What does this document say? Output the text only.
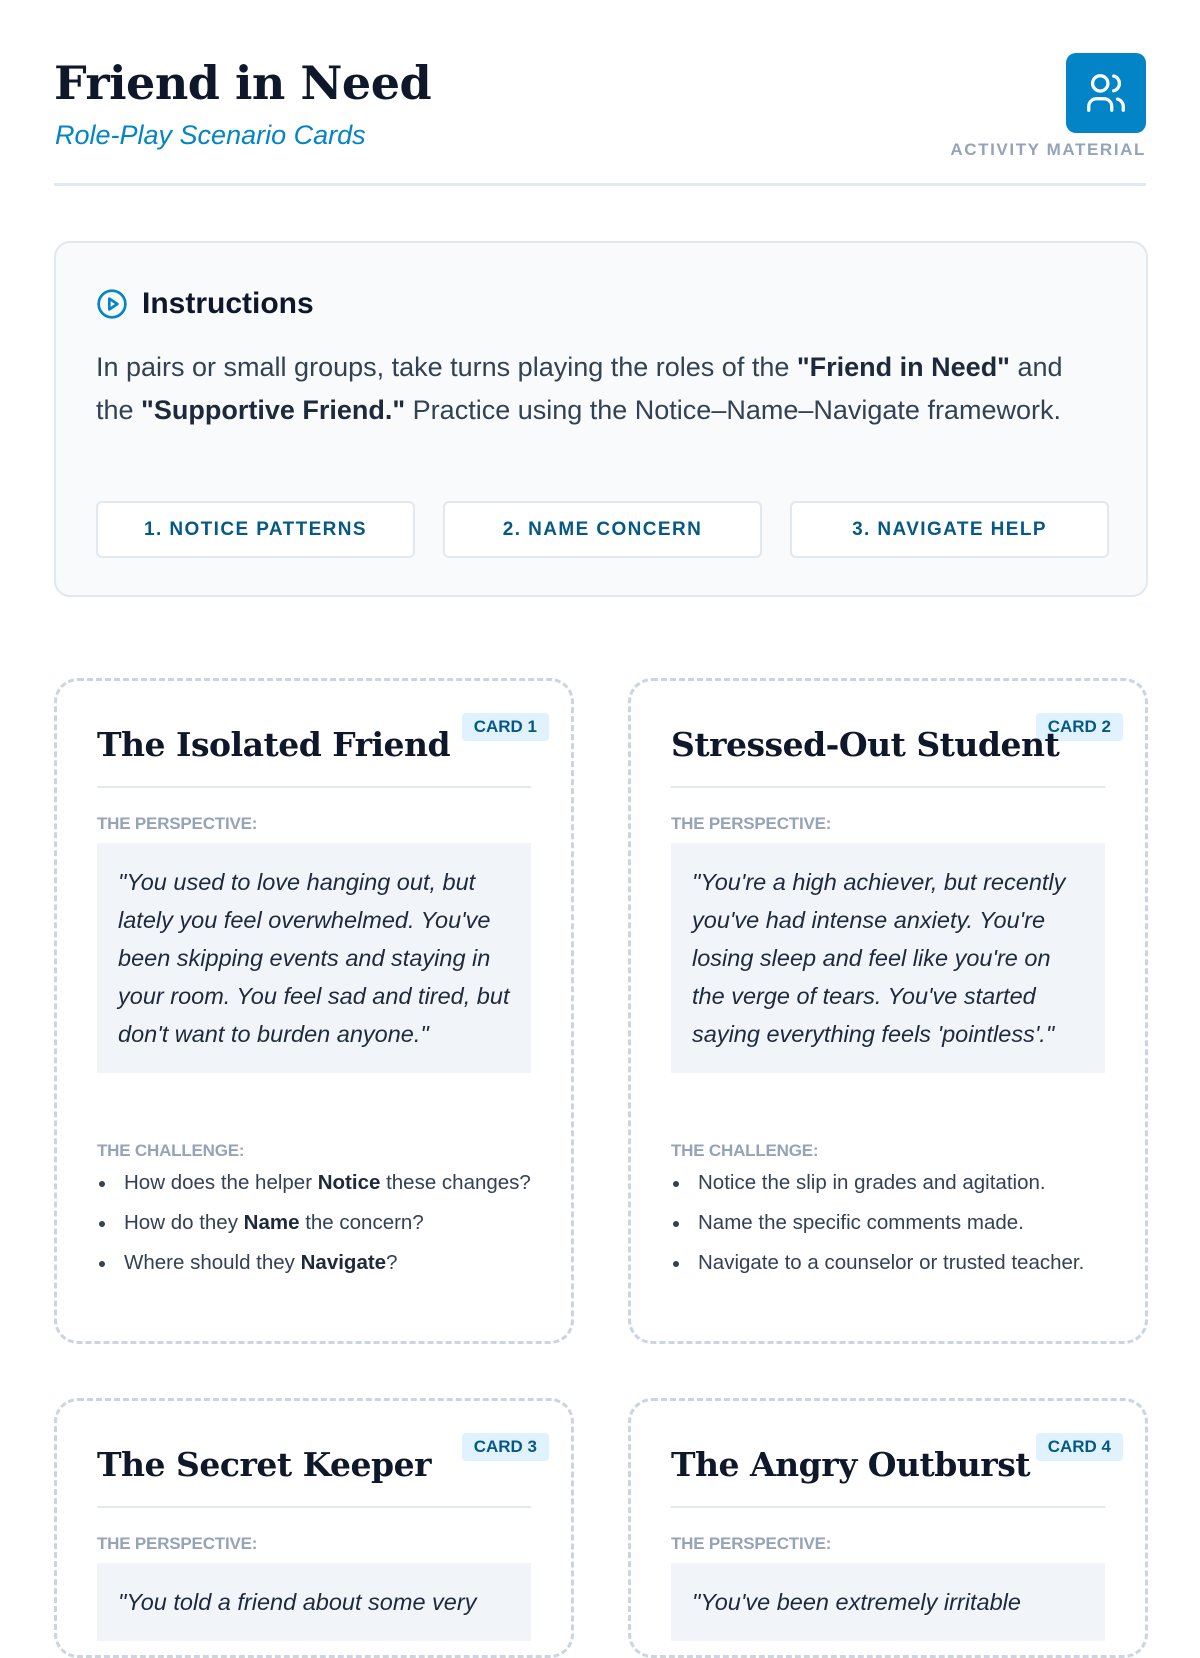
Friend in Need
Role-Play Scenario Cards	ACTIVITY MATERIAL
Instructions

In pairs or small groups, take turns playing the roles of the "Friend in Need" and the "Supportive Friend." Practice using the Notice–Name–Navigate framework.

1. NOTICE PATTERNS	2. NAME CONCERN	3. NAVIGATE HELP
CARD 1
The Isolated Friend
THE PERSPECTIVE:
"You used to love hanging out, but lately you feel overwhelmed. You've been skipping events and staying in your room. You feel sad and tired, but don't want to burden anyone."
THE CHALLENGE:
How does the helper Notice these changes?
How do they Name the concern?
Where should they Navigate?
CARD 2
Stressed-Out Student
THE PERSPECTIVE:
"You're a high achiever, but recently you've had intense anxiety. You're losing sleep and feel like you're on the verge of tears. You've started saying everything feels 'pointless'."
THE CHALLENGE:
Notice the slip in grades and agitation.
Name the specific comments made.
Navigate to a counselor or trusted teacher.
CARD 3
The Secret Keeper
THE PERSPECTIVE:
"You told a friend about some very
CARD 4
The Angry Outburst
THE PERSPECTIVE:
"You've been extremely irritable
